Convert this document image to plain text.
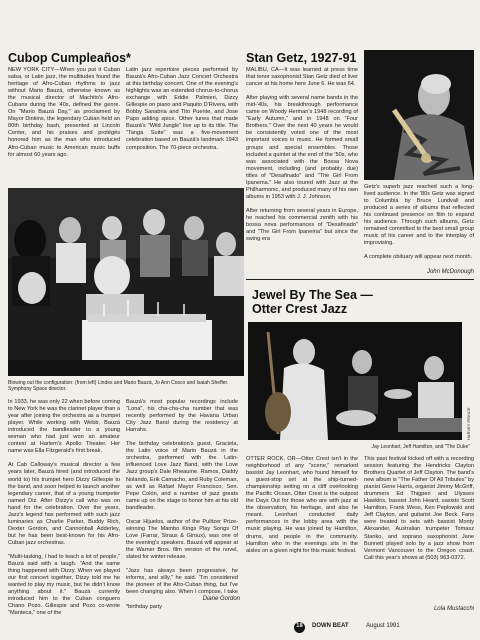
Cubop Cumpleaños*
NEW YORK CITY—When you put it Cuban salsa, or Latin jazz, the multitudes found the heritage of Afro-Cuban rhythms to jazz without Mario Bauzá, otherwise known as the musical director of Machito's Afro-Cubans during the '40s, defined the genre. On "Mario Bauzá Day," as proclaimed by Mayor Dinkins, the legendary Cuban held an 80th birthday bash, presented at Lincoln Center, and his praises and protégés honored him as the man who introduced Afro-Cuban music to American music buffs for almost 60 years ago.
Latin jazz repertoire pieces performed by Bauzá's Afro-Cuban Jazz Concert Orchestra at this birthday concert. One of the evening's highlights was an extended chorus-to-chorus exchange with Eddie Palmieri, Dizzy Gillespie on piano and Paquito D'Rivera, with Bobby Sanabria and Tito Puente, and Jose Papo adding spice. Other tunes that made Bauzá's "Wild Jungle" live up to its title. The "Tanga Suite" was a five-movement celebration based on Bauzá's landmark 1943 composition. The 70-piece orchestra.
Blowing out the configuration: (from left) Lindes and Mario Bauzá, Jo Ann Cosco and Isaiah Sheffer. Symphony Space director.
In 1933, he was only 22 when before coming to New York he was the clarinet player than a year after joining the orchestra as a trumpet player. While working with Webb, Bauzá introduced the bandleader to a young woman who had just won an amateur contest at Harlem's Apollo Theater. Her name was Ella Fitzgerald's first break.

At Cab Calloway's musical director a few years later, Bauzá hired (and introduced the world to) his trumpet hero Dizzy Gillespie to the band, and soon helped to launch another legendary career, that of a young trumpeter named Diz. After Dizzy's call who was on hand for the celebration. Over the years, Jazz's legend has performed with such jazz luminaries as Charlie Parker, Buddy Rich, Dexter Gordon, and Cannonball Adderley, but he has been best-known for his Afro-Cuban jazz orchestras.

"Multi-tasking, I had to teach a lot of people," Bauzá said with a laugh. "And the same thing happened with Dizzy. When we played our first concert together, Dizzy told me he wanted to play my music, but he didn't know anything about it." Bauzá currently introduced him to the Cuban conguero Chano Pozo. Gillespie and Pozo co-wrote "Manteca," one of the
Bauzá's most popular recordings include "Lona", his cha-cha-cha number that was recently performed by the Havana Urban City Jazz Band during the residency at Harrahs.

The birthday celebration's guest, Graciela, the Latin voice of Mario Bauzá in the orchestra, performed with the Latin-influenced Love Jazz Band, with the Love Jazz group's Dale Rheaume. Ramos, Daddy Nolando, Erik Camacho, and Ruby Coleman, as well as Rafael Mayor Francisco, Sen. Pepe Colón, and a number of jazz greats came up on the stage to honor him at his old bandleader.

Oscar Hijuelos, author of the Pulitzer Prize-winning The Mambo Kings Play Songs Of Love (Farrar, Straus & Giroux), was one of the evening's speakers. Bauzá will appear at the Warner Bros. film version of the novel, slated for winter release.

"Jazz has always been progressive, he informs, and silly," he said. "I'm considered the pioneer of the Afro-Cuban thing, but I've been changing also. When I compose, I take
*birthday party
Diane Gordon
Stan Getz, 1927-91
MALIBU, CA—It was learned at press time that tenor saxophonist Stan Getz died of liver cancer at his home here June 6. He was 64.

After playing with several name bands in the mid-'40s, his breakthrough performance came on Woody Herman's 1948 recording of "Early Autumn," and in 1948 on "Four Brothers." Over the next 40 years he would be consistently voted one of the most important voices in music. He formed small groups and special ensembles. Those included a quintet at the end of the '50s, who was associated with the Bossa Nova movement, including (and probably due) titles of "Desafinado" and "The Girl From Ipanema." He also toured with Jazz at the Philharmonic, and produced many of his own albums in 1953 with J. J. Johnson.

After returning from several years in Europe, he reached his commercial zenith with his bossa nova performances of "Desafinado" and "The Girl From Ipanema" but since the swing era
Getz's superb jazz reached such a long-lived audience. In the '80s Getz was signed to Columbia by Bruce Lundvall and produced a series of albums that reflected his continued presence on film to expand his audience. Through such albums, Getz remained committed to the best small group music of his career and to the interplay of improvising.

A complete obituary will appear next month.
John McDonough
Jewel By The Sea —Otter Crest Jazz
HARVEY PRINCE
Jay Leonhart, Jeff Hamilton, and "The Duke"
OTTER ROCK, OR—Otter Crest isn't in the neighborhood of any "scene," remarked bassist Jay Leonhart, who found himself for a guest-stop set at the ship-turned-championship setting on a cliff overlooking the Pacific Ocean. Otter Crest is the outpost the Days Out for those who are with jazz at the observation, his heritage, and also he meant. Leonhart conducted daily performances in the lobby area with the music playing. He was joined by Hamilton, drums, and people in the community. Hamilton who in the evenings sits in the aisles on a given night for this music festival.
This past festival kicked off with a recording session featuring the Hendricks Clayton Brothers Quartet of Jeff Clayton. The band's new album is "The Father Of All Tributes" by pianist Gene Harris, organist Jimmy McGriff, drummers Ed Thigpen and Ulysses Hawkins, bassist John Heard, saxists Scott Hamilton, Frank Wess, Ken Peplowski and Jeff Clayton, and guitarist Joe Beck. Fans were treated to sets with bassist Monty Alexander, Australian trumpeter Tomasz Stanko, and soprano saxophonist Jane Bunnett played solo by a jazz show from Vermont Vancouver to the Oregon coast. Call this year's shows at (503) 963-0372.
Lola Mustacchi
18	DOWN BEAT	August 1991
